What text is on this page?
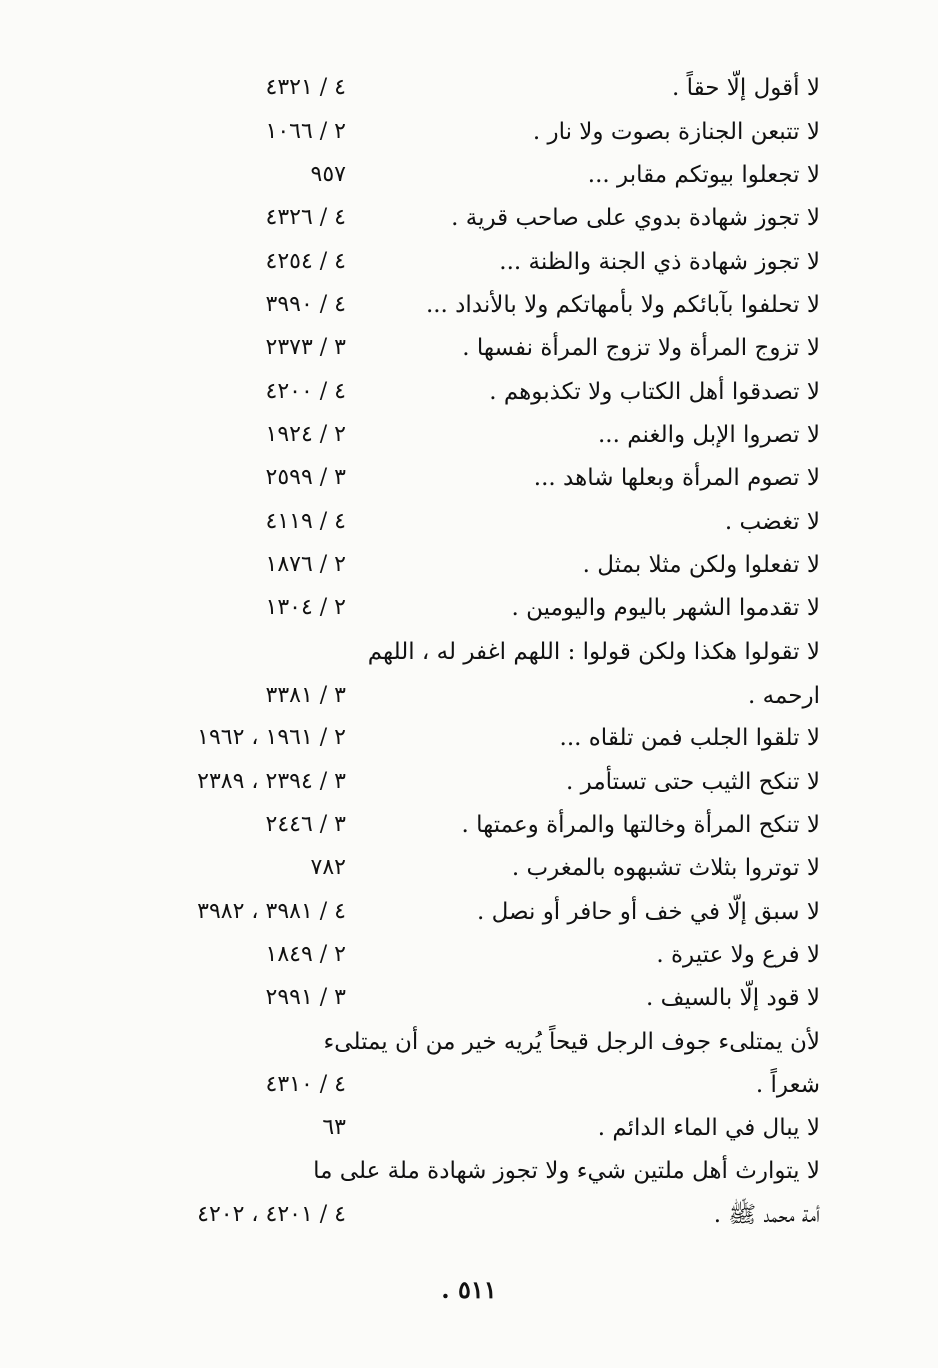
لا أقول إلّا حقاً .
٤ / ٤٣٢١
لا تتبعن الجنازة بصوت ولا نار .
٢ / ١٠٦٦
لا تجعلوا بيوتكم مقابر ...
٩٥٧
لا تجوز شهادة بدوي على صاحب قرية .
٤ / ٤٣٢٦
لا تجوز شهادة ذي الجنة والظنة ...
٤ / ٤٢٥٤
لا تحلفوا بآبائكم ولا بأمهاتكم ولا بالأنداد ...
٤ / ٣٩٩٠
لا تزوج المرأة ولا تزوج المرأة نفسها .
٣ / ٢٣٧٣
لا تصدقوا أهل الكتاب ولا تكذبوهم .
٤ / ٤٢٠٠
لا تصروا الإبل والغنم ...
٢ / ١٩٢٤
لا تصوم المرأة وبعلها شاهد ...
٣ / ٢٥٩٩
لا تغضب .
٤ / ٤١١٩
لا تفعلوا ولكن مثلا بمثل .
٢ / ١٨٧٦
لا تقدموا الشهر باليوم واليومين .
٢ / ١٣٠٤
لا تقولوا هكذا ولكن قولوا : اللهم اغفر له ، اللهم
ارحمه .
٣ / ٣٣٨١
لا تلقوا الجلب فمن تلقاه ...
٢ / ١٩٦١ ، ١٩٦٢
لا تنكح الثيب حتى تستأمر .
٣ / ٢٣٩٤ ، ٢٣٨٩
لا تنكح المرأة وخالتها والمرأة وعمتها .
٣ / ٢٤٤٦
لا توتروا بثلاث تشبهوه بالمغرب .
٧٨٢
لا سبق إلّا في خف أو حافر أو نصل .
٤ / ٣٩٨١ ، ٣٩٨٢
لا فرع ولا عتيرة .
٢ / ١٨٤٩
لا قود إلّا بالسيف .
٣ / ٢٩٩١
لأن يمتلىء جوف الرجل قيحاً يُريه خير من أن يمتلىء
شعراً .
٤ / ٤٣١٠
لا يبال في الماء الدائم .
٦٣
لا يتوارث أهل ملتين شيء ولا تجوز شهادة ملة على ما
أمة محمد ﷺ .
٤ / ٤٢٠١ ، ٤٢٠٢
٥١١ .
